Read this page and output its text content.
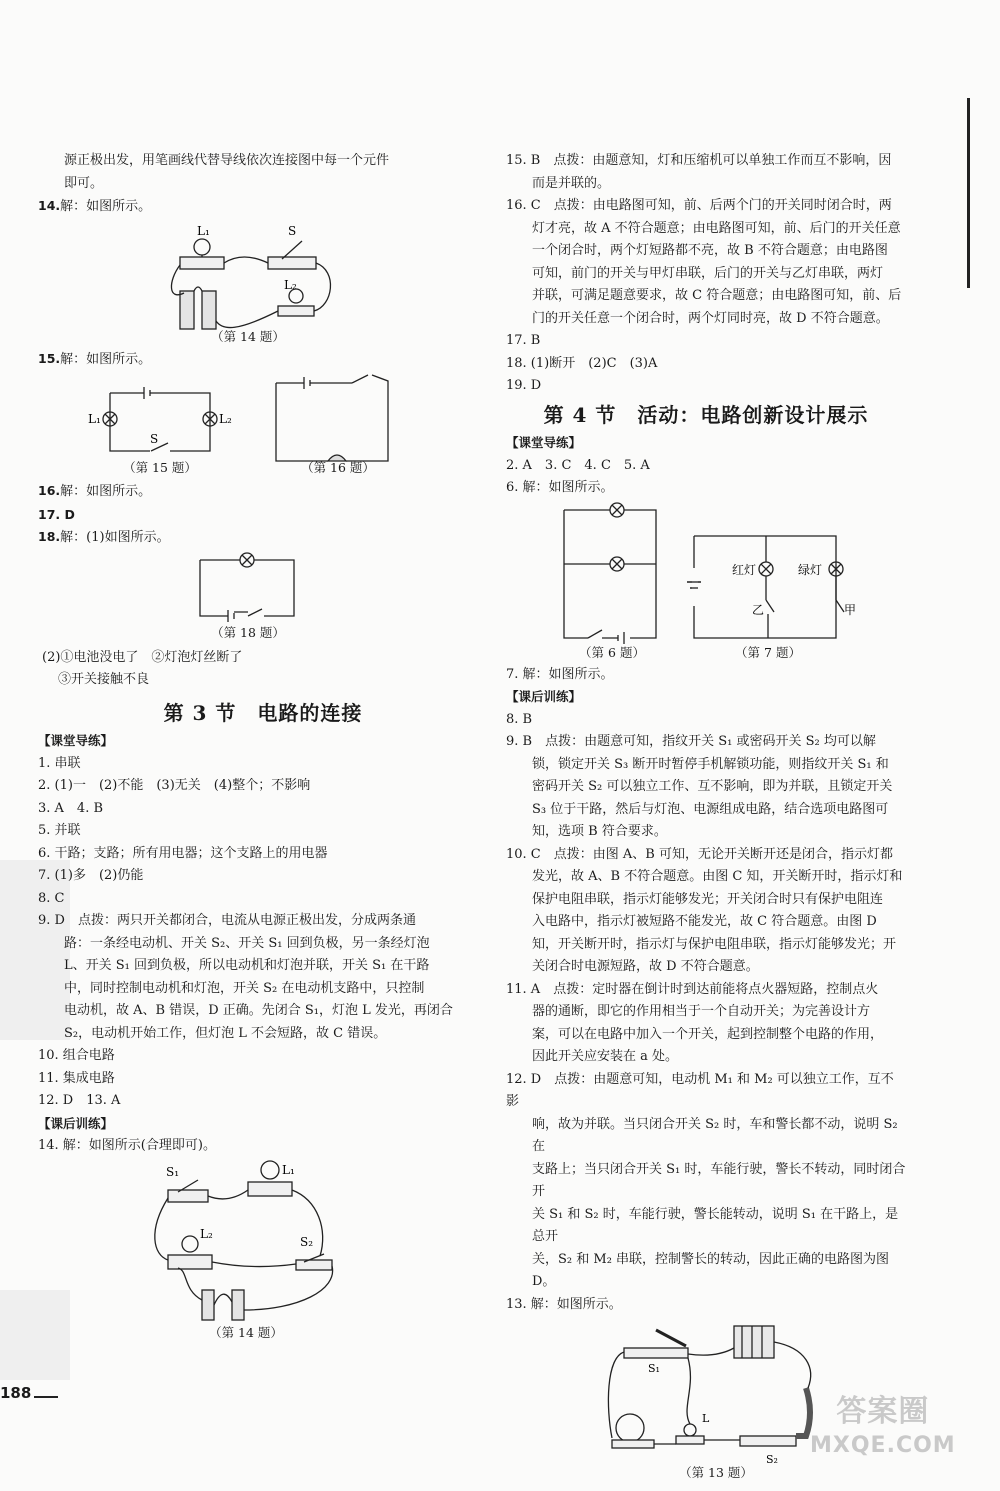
源正极出发，用笔画线代替导线依次连接图中每一个元件

即可。

14.解：如图所示。

L₁	S
L₂
（第 14 题）

15.解：如图所示。

L₁	L₂
S
（第 15 题）	（第 16 题）

16.解：如图所示。

17. D

18.解：(1)如图所示。

（第 18 题）

(2)①电池没电了　②灯泡灯丝断了

③开关接触不良

第 3 节　电路的连接

【课堂导练】

1. 串联

2. (1)一　(2)不能　(3)无关　(4)整个；不影响

3. A　4. B

5. 并联

6. 干路；支路；所有用电器；这个支路上的用电器

7. (1)多　(2)仍能

8. C

9. D　点拨：两只开关都闭合，电流从电源正极出发，分成两条通

路：一条经电动机、开关 S₂、开关 S₁ 回到负极，另一条经灯泡

L、开关 S₁ 回到负极，所以电动机和灯泡并联，开关 S₁ 在干路

中，同时控制电动机和灯泡，开关 S₂ 在电动机支路中，只控制

电动机，故 A、B 错误，D 正确。先闭合 S₁，灯泡 L 发光，再闭合

S₂，电动机开始工作，但灯泡 L 不会短路，故 C 错误。

10. 组合电路

11. 集成电路

12. D　13. A

【课后训练】

14. 解：如图所示(合理即可)。

S₁	L₁
L₂
S₂
（第 14 题）

15. B　点拨：由题意知，灯和压缩机可以单独工作而互不影响，因

而是并联的。

16. C　点拨：由电路图可知，前、后两个门的开关同时闭合时，两

灯才亮，故 A 不符合题意；由电路图可知，前、后门的开关任意

一个闭合时，两个灯短路都不亮，故 B 不符合题意；由电路图

可知，前门的开关与甲灯串联，后门的开关与乙灯串联，两灯

并联，可满足题意要求，故 C 符合题意；由电路图可知，前、后

门的开关任意一个闭合时，两个灯同时亮，故 D 不符合题意。

17. B

18. (1)断开　(2)C　(3)A

19. D

第 4 节　活动：电路创新设计展示

【课堂导练】

2. A　3. C　4. C　5. A

6. 解：如图所示。

红灯	绿灯
乙	甲
（第 6 题）	（第 7 题）

7. 解：如图所示。

【课后训练】

8. B

9. B　点拨：由题意可知，指纹开关 S₁ 或密码开关 S₂ 均可以解

锁，锁定开关 S₃ 断开时暂停手机解锁功能，则指纹开关 S₁ 和

密码开关 S₂ 可以独立工作、互不影响，即为并联，且锁定开关

S₃ 位于干路，然后与灯泡、电源组成电路，结合选项电路图可

知，选项 B 符合要求。

10. C　点拨：由图 A、B 可知，无论开关断开还是闭合，指示灯都

发光，故 A、B 不符合题意。由图 C 知，开关断开时，指示灯和

保护电阻串联，指示灯能够发光；开关闭合时只有保护电阻连

入电路中，指示灯被短路不能发光，故 C 符合题意。由图 D

知，开关断开时，指示灯与保护电阻串联，指示灯能够发光；开

关闭合时电源短路，故 D 不符合题意。

11. A　点拨：定时器在倒计时到达前能将点火器短路，控制点火

器的通断，即它的作用相当于一个自动开关；为完善设计方

案，可以在电路中加入一个开关，起到控制整个电路的作用，

因此开关应安装在 a 处。

12. D　点拨：由题意可知，电动机 M₁ 和 M₂ 可以独立工作，互不影

响，故为并联。当只闭合开关 S₂ 时，车和警长都不动，说明 S₂ 在

支路上；当只闭合开关 S₁ 时，车能行驶，警长不转动，同时闭合开

关 S₁ 和 S₂ 时，车能行驶，警长能转动，说明 S₁ 在干路上，是总开

关，S₂ 和 M₂ 串联，控制警长的转动，因此正确的电路图为图 D。

13. 解：如图所示。

S₁
L
S₂
（第 13 题）
188
答案圈
MXQE.COM
